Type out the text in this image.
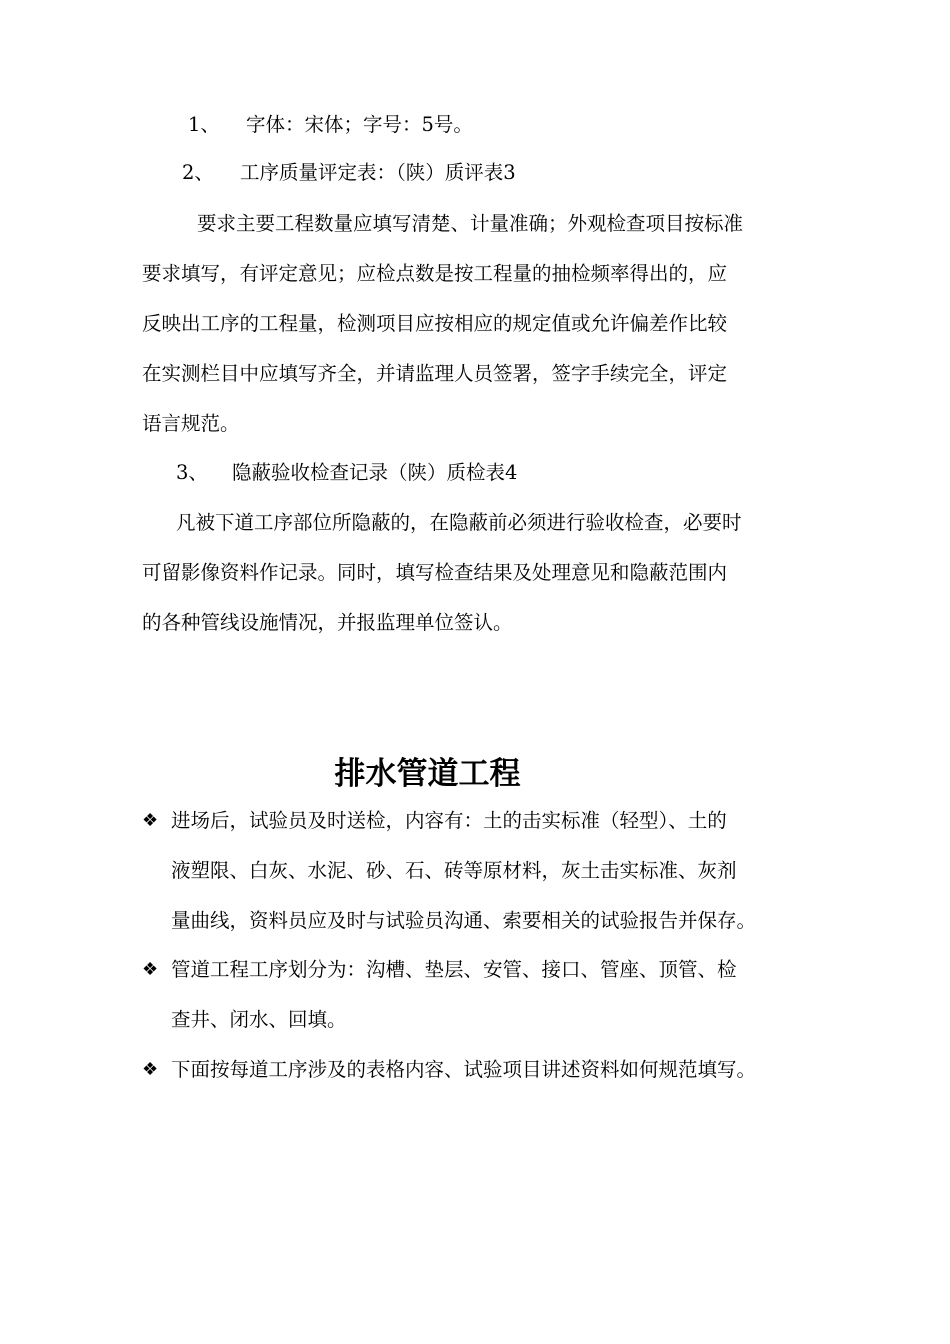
1、 字体：宋体；字号：5号。
2、 工序质量评定表：（陕）质评表3
要求主要工程数量应填写清楚、计量准确；外观检查项目按标准
要求填写，有评定意见；应检点数是按工程量的抽检频率得出的，应
反映出工序的工程量，检测项目应按相应的规定值或允许偏差作比较
在实测栏目中应填写齐全，并请监理人员签署，签字手续完全，评定
语言规范。
3、 隐蔽验收检查记录（陕）质检表4
凡被下道工序部位所隐蔽的，在隐蔽前必须进行验收检查，必要时
可留影像资料作记录。同时，填写检查结果及处理意见和隐蔽范围内
的各种管线设施情况，并报监理单位签认。
排水管道工程
❖ 进场后，试验员及时送检，内容有：土的击实标准（轻型）、土的
液塑限、白灰、水泥、砂、石、砖等原材料，灰土击实标准、灰剂
量曲线，资料员应及时与试验员沟通、索要相关的试验报告并保存。
❖ 管道工程工序划分为：沟槽、垫层、安管、接口、管座、顶管、检
查井、闭水、回填。
❖ 下面按每道工序涉及的表格内容、试验项目讲述资料如何规范填写。
